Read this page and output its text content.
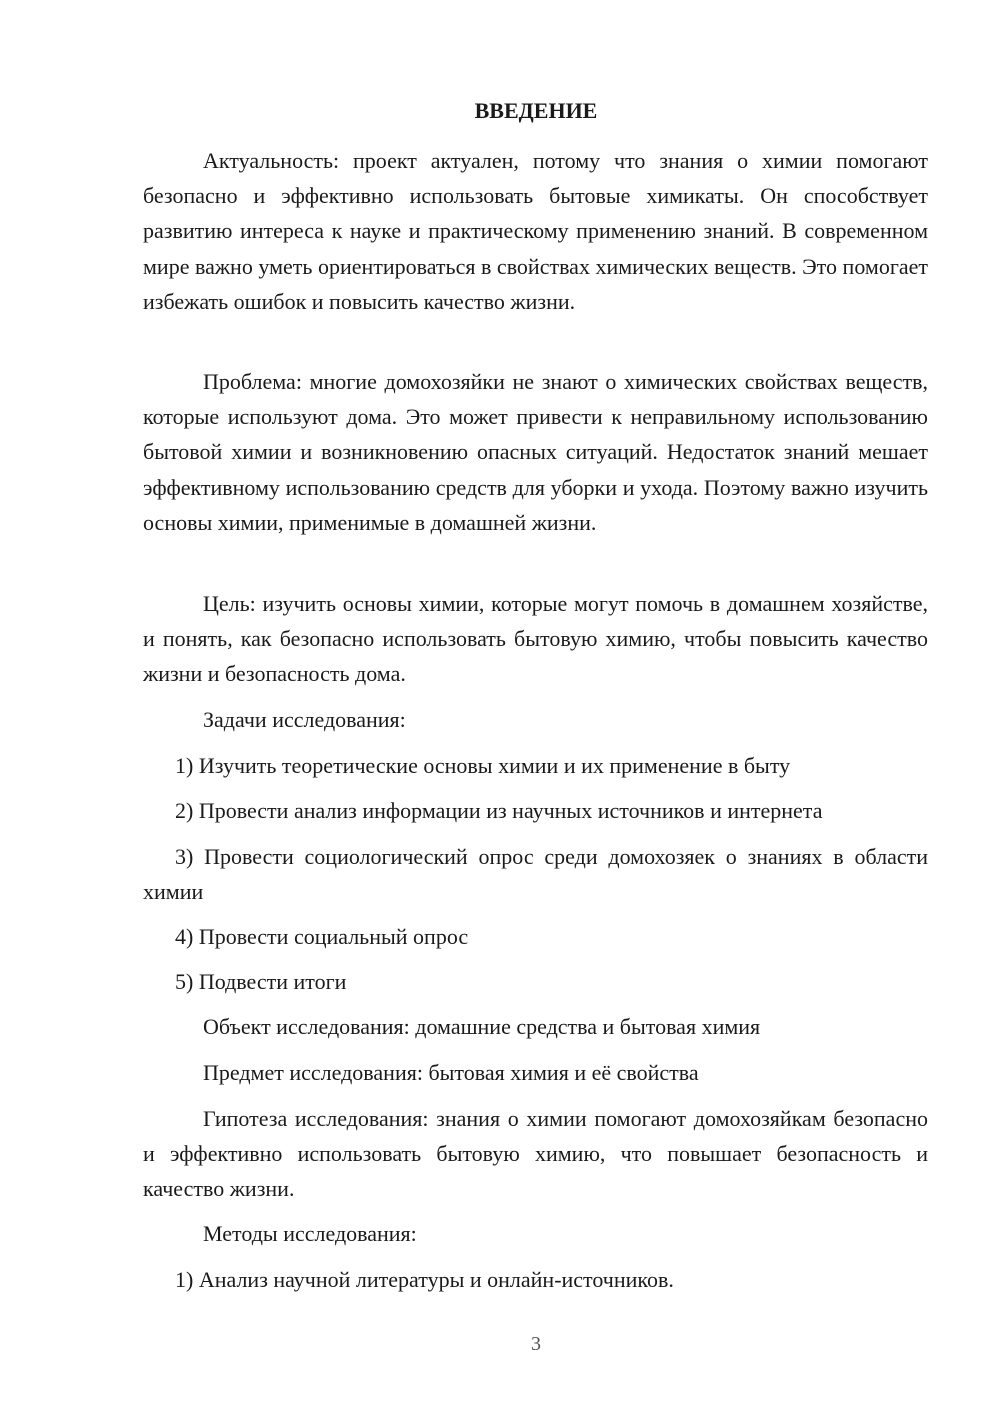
ВВЕДЕНИЕ

Актуальность: проект актуален, потому что знания о химии помогают безопасно и эффективно использовать бытовые химикаты. Он способствует развитию интереса к науке и практическому применению знаний. В современном мире важно уметь ориентироваться в свойствах химических веществ. Это помогает избежать ошибок и повысить качество жизни.

Проблема: многие домохозяйки не знают о химических свойствах веществ, которые используют дома. Это может привести к неправильному использованию бытовой химии и возникновению опасных ситуаций. Недостаток знаний мешает эффективному использованию средств для уборки и ухода. Поэтому важно изучить основы химии, применимые в домашней жизни.

Цель: изучить основы химии, которые могут помочь в домашнем хозяйстве, и понять, как безопасно использовать бытовую химию, чтобы повысить качество жизни и безопасность дома.

Задачи исследования:

1) Изучить теоретические основы химии и их применение в быту

2) Провести анализ информации из научных источников и интернета

3) Провести социологический опрос среди домохозяек о знаниях в области химии

4) Провести социальный опрос

5) Подвести итоги

Объект исследования: домашние средства и бытовая химия

Предмет исследования: бытовая химия и её свойства

Гипотеза исследования: знания о химии помогают домохозяйкам безопасно и эффективно использовать бытовую химию, что повышает безопасность и качество жизни.

Методы исследования:

1) Анализ научной литературы и онлайн-источников.

3
